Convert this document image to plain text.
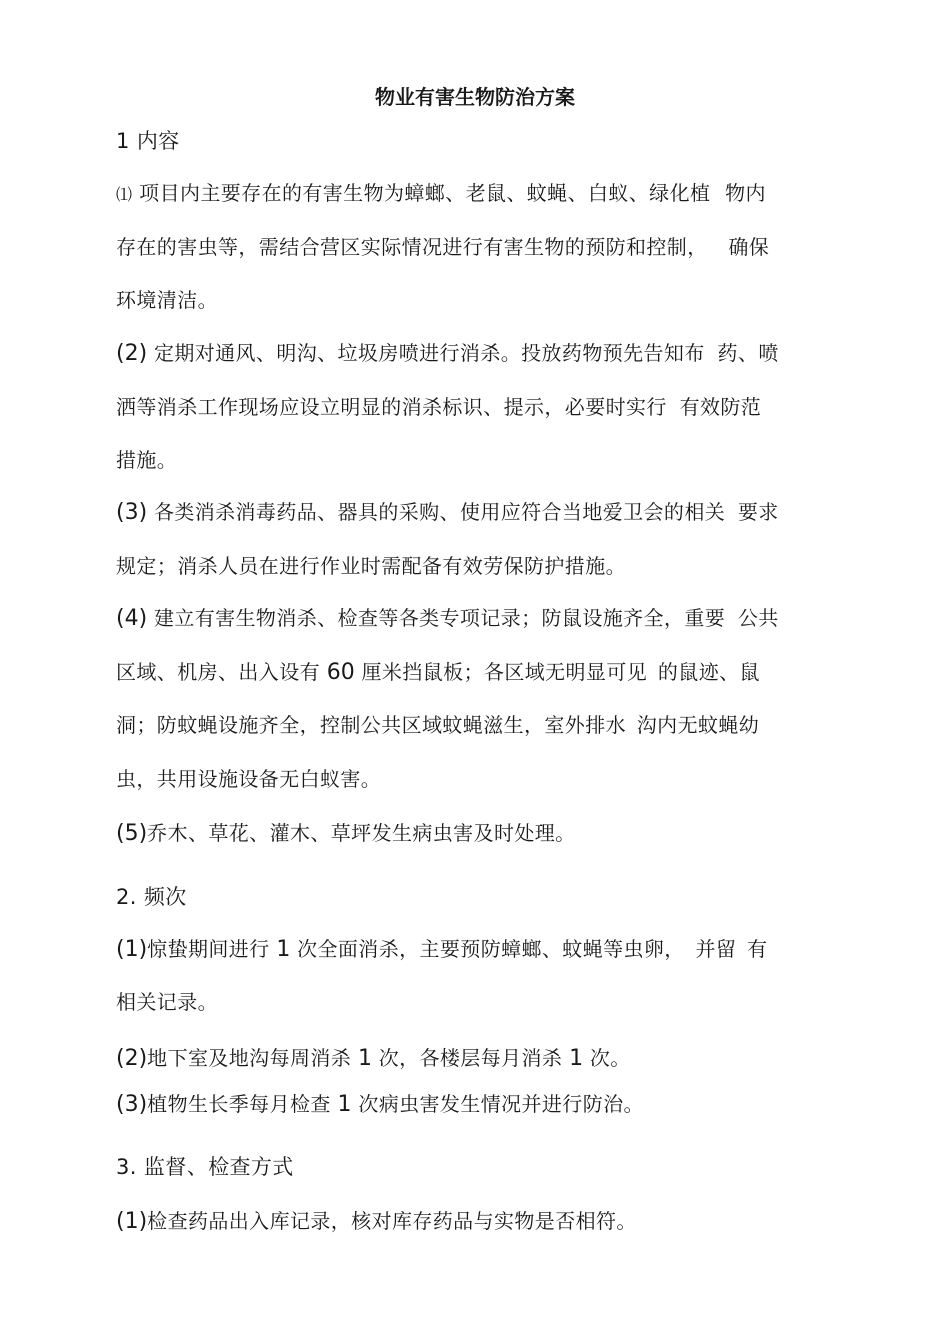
物业有害生物防治方案
1 内容
⑴ 项目内主要存在的有害生物为蟑螂、老鼠、蚊蝇、白蚁、绿化植 物内
存在的害虫等，需结合营区实际情况进行有害生物的预防和控制， 确保
环境清洁。
(2) 定期对通风、明沟、垃圾房喷进行消杀。投放药物预先告知布 药、喷
洒等消杀工作现场应设立明显的消杀标识、提示，必要时实行 有效防范
措施。
(3) 各类消杀消毒药品、器具的采购、使用应符合当地爱卫会的相关 要求
规定；消杀人员在进行作业时需配备有效劳保防护措施。
(4) 建立有害生物消杀、检查等各类专项记录；防鼠设施齐全，重要 公共
区域、机房、出入设有 60 厘米挡鼠板；各区域无明显可见 的鼠迹、鼠
洞；防蚊蝇设施齐全，控制公共区域蚊蝇滋生，室外排水 沟内无蚊蝇幼
虫，共用设施设备无白蚁害。
(5)乔木、草花、灌木、草坪发生病虫害及时处理。
2. 频次
(1)惊蛰期间进行 1 次全面消杀，主要预防蟑螂、蚊蝇等虫卵， 并留 有
相关记录。
(2)地下室及地沟每周消杀 1 次，各楼层每月消杀 1 次。
(3)植物生长季每月检查 1 次病虫害发生情况并进行防治。
3. 监督、检查方式
(1)检查药品出入库记录，核对库存药品与实物是否相符。
